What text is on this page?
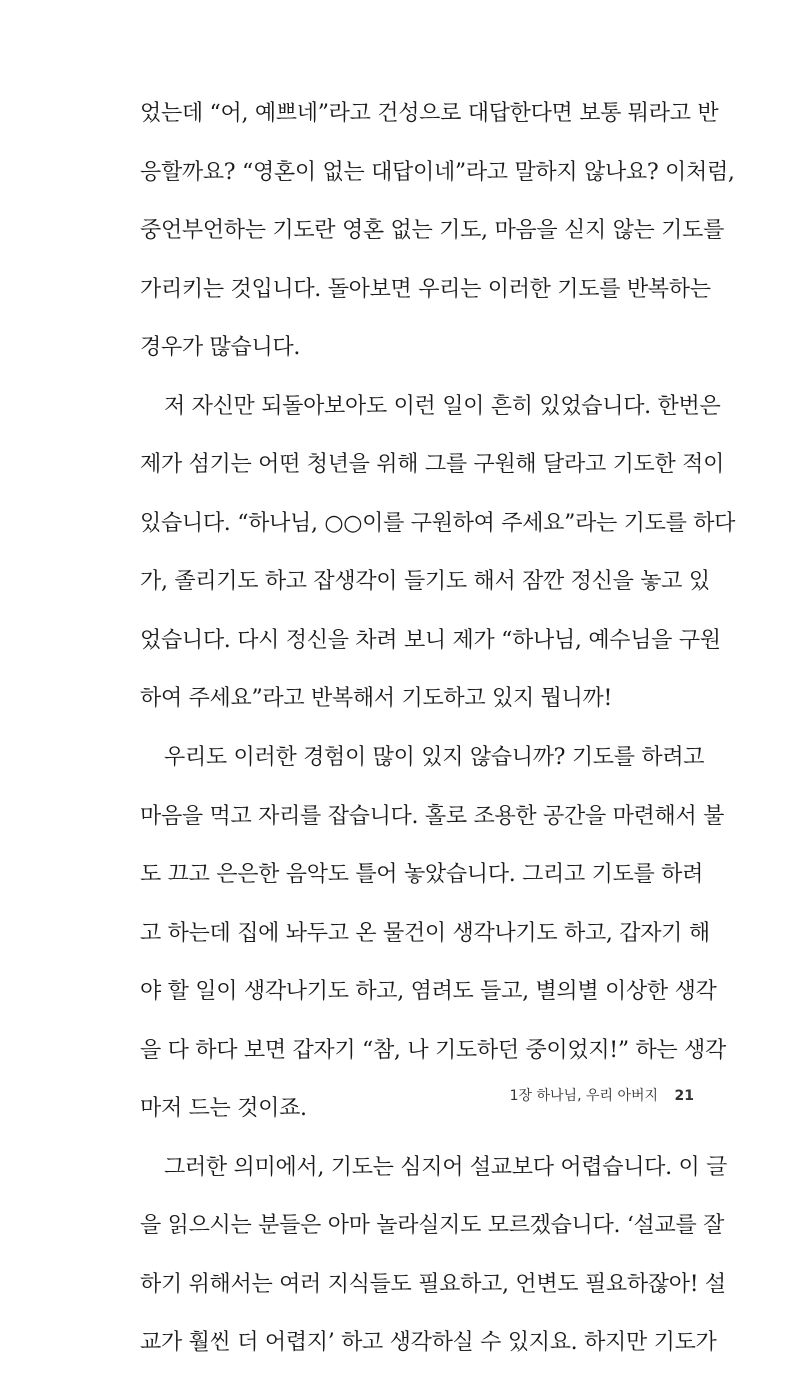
었는데 “어, 예쁘네”라고 건성으로 대답한다면 보통 뭐라고 반
응할까요? “영혼이 없는 대답이네”라고 말하지 않나요? 이처럼,
중언부언하는 기도란 영혼 없는 기도, 마음을 싣지 않는 기도를
가리키는 것입니다. 돌아보면 우리는 이러한 기도를 반복하는
경우가 많습니다.
저 자신만 되돌아보아도 이런 일이 흔히 있었습니다. 한번은
제가 섬기는 어떤 청년을 위해 그를 구원해 달라고 기도한 적이
있습니다. “하나님, ○○이를 구원하여 주세요”라는 기도를 하다
가, 졸리기도 하고 잡생각이 들기도 해서 잠깐 정신을 놓고 있
었습니다. 다시 정신을 차려 보니 제가 “하나님, 예수님을 구원
하여 주세요”라고 반복해서 기도하고 있지 뭡니까!
우리도 이러한 경험이 많이 있지 않습니까? 기도를 하려고
마음을 먹고 자리를 잡습니다. 홀로 조용한 공간을 마련해서 불
도 끄고 은은한 음악도 틀어 놓았습니다. 그리고 기도를 하려
고 하는데 집에 놔두고 온 물건이 생각나기도 하고, 갑자기 해
야 할 일이 생각나기도 하고, 염려도 들고, 별의별 이상한 생각
을 다 하다 보면 갑자기 “참, 나 기도하던 중이었지!” 하는 생각
마저 드는 것이죠.
그러한 의미에서, 기도는 심지어 설교보다 어렵습니다. 이 글
을 읽으시는 분들은 아마 놀라실지도 모르겠습니다. ‘설교를 잘
하기 위해서는 여러 지식들도 필요하고, 언변도 필요하잖아! 설
교가 훨씬 더 어렵지’ 하고 생각하실 수 있지요. 하지만 기도가
1장 하나님, 우리 아버지 21
